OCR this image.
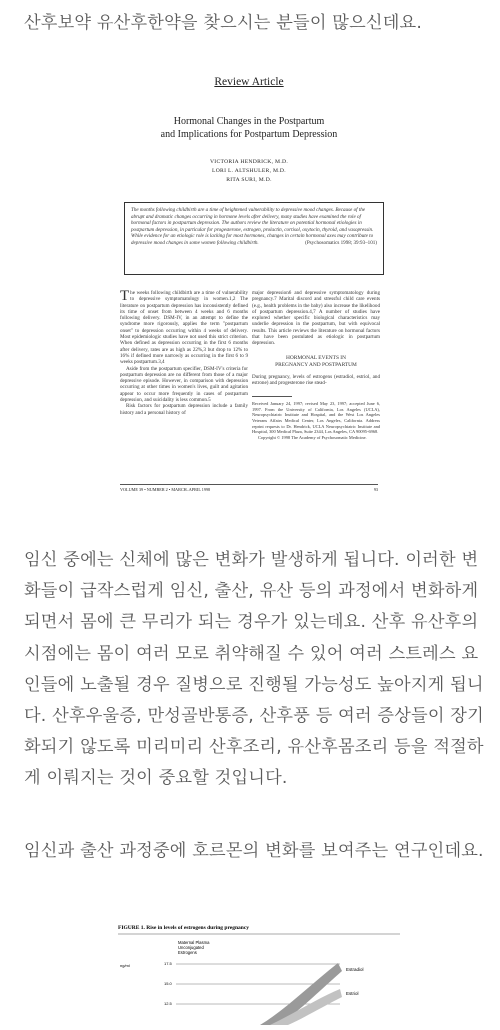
산후보약 유산후한약을 찾으시는 분들이 많으신데요.

Review Article
Hormonal Changes in the Postpartum
and Implications for Postpartum Depression
VICTORIA HENDRICK, M.D.
LORI L. ALTSHULER, M.D.
RITA SURI, M.D.
The months following childbirth are a time of heightened vulnerability to depressive mood changes. Because of the abrupt and dramatic changes occurring in hormone levels after delivery, many studies have examined the role of hormonal factors in postpartum depression. The authors review the literature on potential hormonal etiologies in postpartum depression, in particular for progesterone, estrogen, prolactin, cortisol, oxytocin, thyroid, and vasopressin. While evidence for an etiologic role is lacking for most hormones, changes in certain hormonal axes may contribute to depressive mood changes in some women following childbirth.	(Psychosomatics 1998; 39:93–101)
The weeks following childbirth are a time of vulnerability to depressive symptomatology in women.1,2 The literature on postpartum depression has inconsistently defined its time of onset from between 4 weeks and 6 months following delivery. DSM-IV, in an attempt to define the syndrome more rigorously, applies the term "postpartum onset" to depression occurring within 4 weeks of delivery. Most epidemiologic studies have not used this strict criterion. When defined as depression occurring in the first 6 months after delivery, rates are as high as 22%,3 but drop to 12% to 16% if defined more narrowly as occurring in the first 6 to 9 weeks postpartum.3,4
Aside from the postpartum specifier, DSM-IV's criteria for postpartum depression are no different from those of a major depressive episode. However, in comparison with depression occurring at other times in women's lives, guilt and agitation appear to occur more frequently in cases of postpartum depression, and suicidality is less common.5
Risk factors for postpartum depression include a family history and a personal history of
major depression6 and depressive symptomatology during pregnancy.7 Marital discord and stressful child care events (e.g., health problems in the baby) also increase the likelihood of postpartum depression.4,7 A number of studies have explored whether specific biological characteristics may underlie depression in the postpartum, but with equivocal results. This article reviews the literature on hormonal factors that have been postulated as etiologic in postpartum depression.
HORMONAL EVENTS IN
PREGNANCY AND POSTPARTUM
During pregnancy, levels of estrogens (estradiol, estriol, and estrone) and progesterone rise stead-
Received January 24, 1997; revised May 23, 1997; accepted June 6, 1997. From the University of California, Los Angeles (UCLA), Neuropsychiatric Institute and Hospital, and the West Los Angeles Veterans Affairs Medical Center, Los Angeles, California. Address reprint requests to Dr. Hendrick, UCLA Neuropsychiatric Institute and Hospital, 300 Medical Plaza, Suite 2344, Los Angeles, CA 90095-6968.
Copyright © 1998 The Academy of Psychosomatic Medicine.
VOLUME 39 • NUMBER 2 • MARCH–APRIL 1998	93

임신 중에는 신체에 많은 변화가 발생하게 됩니다. 이러한 변화들이 급작스럽게 임신, 출산, 유산 등의 과정에서 변화하게 되면서 몸에 큰 무리가 되는 경우가 있는데요. 산후 유산후의 시점에는 몸이 여러 모로 취약해질 수 있어 여러 스트레스 요인들에 노출될 경우 질병으로 진행될 가능성도 높아지게 됩니다. 산후우울증, 만성골반통증, 산후풍 등 여러 증상들이 장기화되기 않도록 미리미리 산후조리, 유산후몸조리 등을 적절하게 이뤄지는 것이 중요할 것입니다.

임신과 출산 과정중에 호르몬의 변화를 보여주는 연구인데요.

FIGURE 1. Rise in levels of estrogens during pregnancy
Maternal Plasma
Unconjugated
Estrogens
ng/ml	17.5
15.0
12.5
Estradiol
Estriol
